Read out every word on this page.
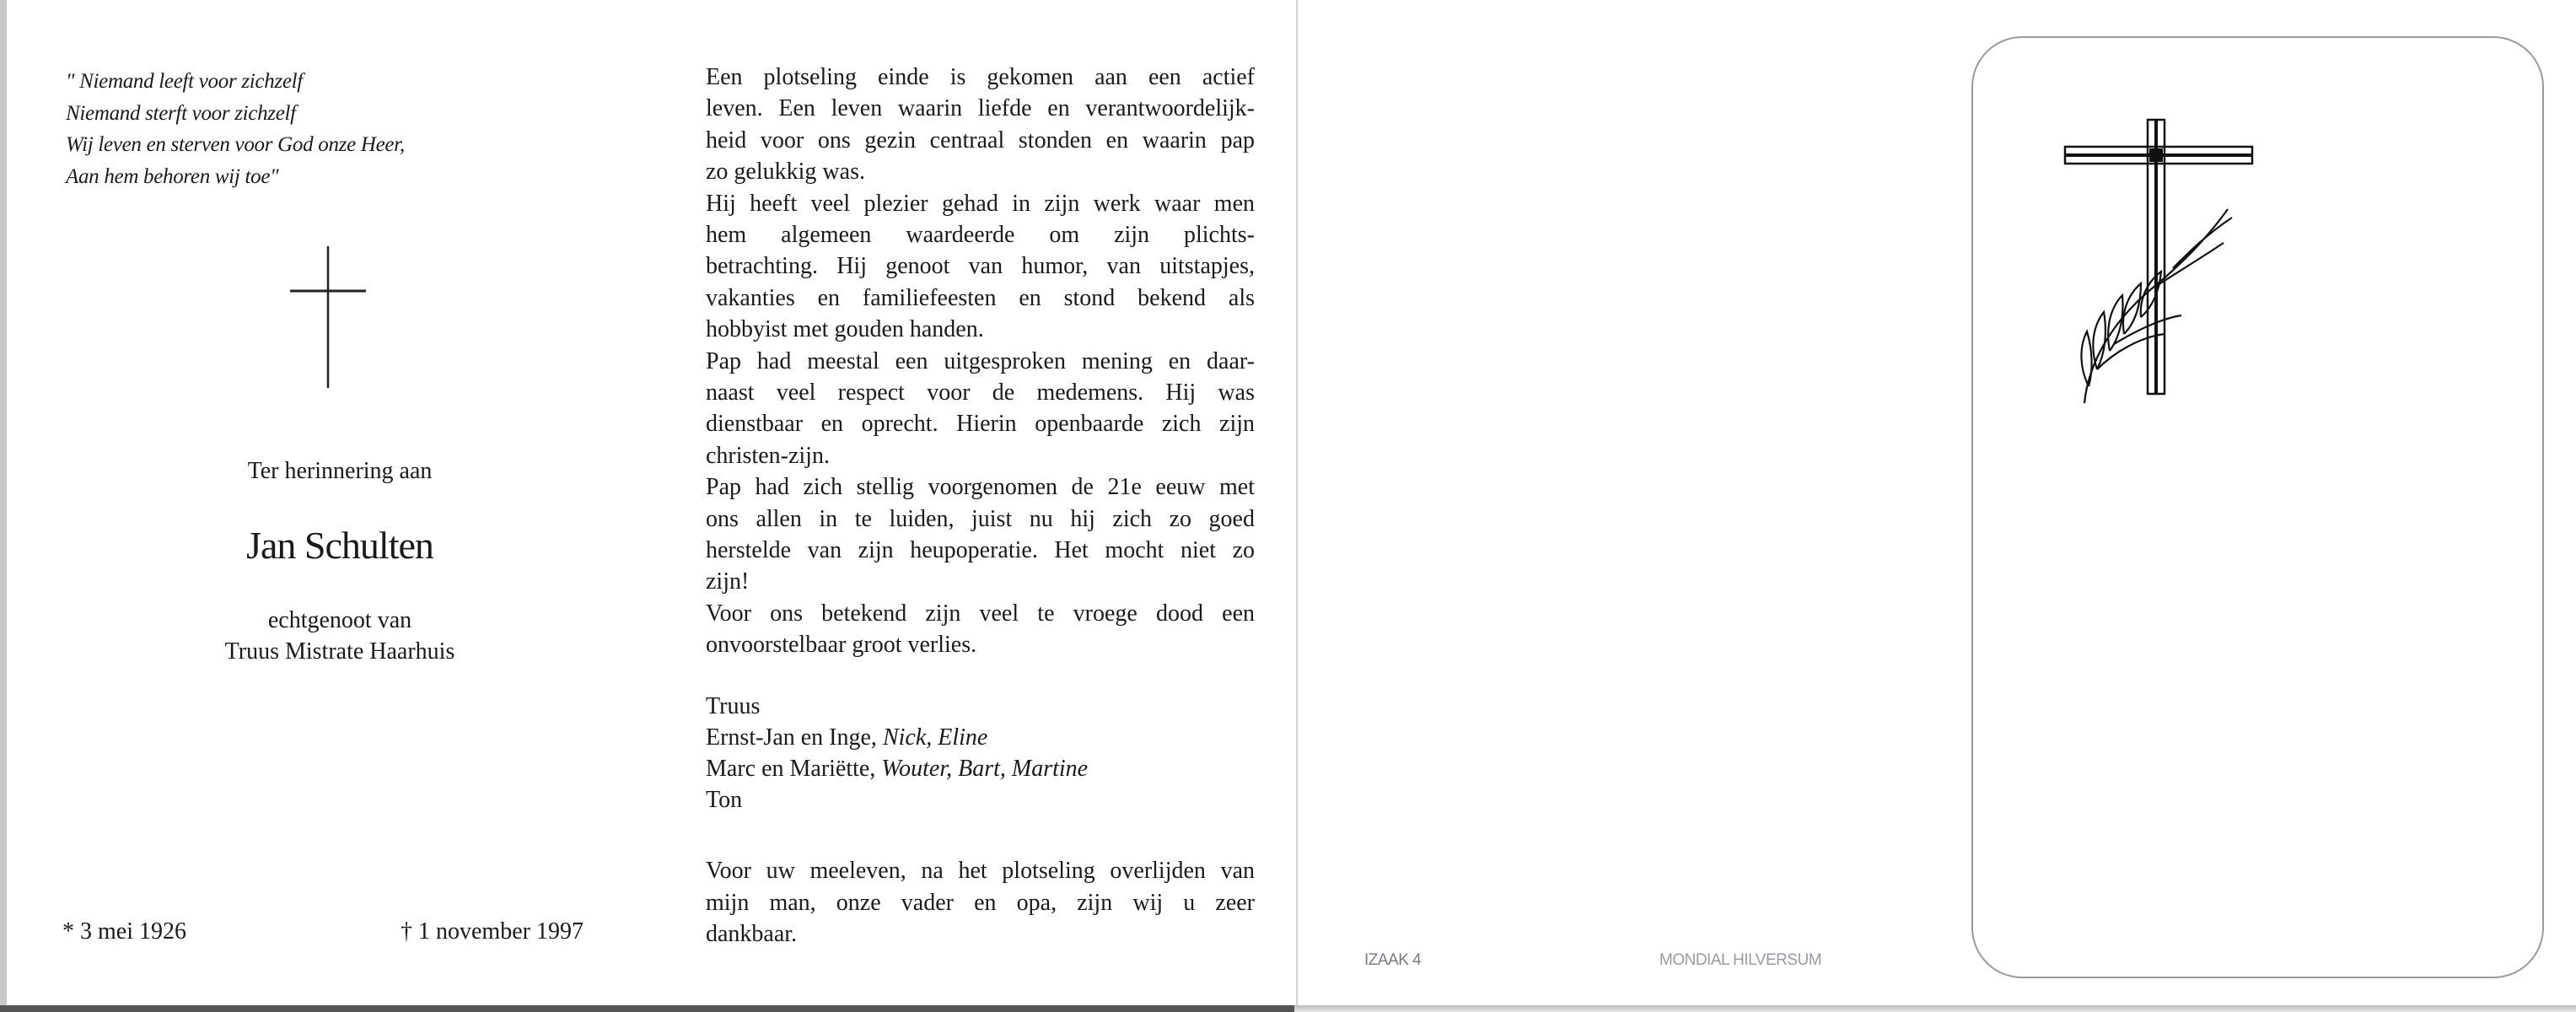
" Niemand leeft voor zichzelf
Niemand sterft voor zichzelf
Wij leven en sterven voor God onze Heer,
Aan hem behoren wij toe"
Ter herinnering aan
Jan Schulten
echtgenoot van
Truus Mistrate Haarhuis
* 3 mei 1926	† 1 november 1997
Een plotseling einde is gekomen aan een actief
leven. Een leven waarin liefde en verantwoordelijk-
heid voor ons gezin centraal stonden en waarin pap
zo gelukkig was.
Hij heeft veel plezier gehad in zijn werk waar men
hem algemeen waardeerde om zijn plichts-
betrachting. Hij genoot van humor, van uitstapjes,
vakanties en familiefeesten en stond bekend als
hobbyist met gouden handen.
Pap had meestal een uitgesproken mening en daar-
naast veel respect voor de medemens. Hij was
dienstbaar en oprecht. Hierin openbaarde zich zijn
christen-zijn.
Pap had zich stellig voorgenomen de 21e eeuw met
ons allen in te luiden, juist nu hij zich zo goed
herstelde van zijn heupoperatie. Het mocht niet zo
zijn!
Voor ons betekend zijn veel te vroege dood een
onvoorstelbaar groot verlies.
Truus
Ernst-Jan en Inge, Nick, Eline
Marc en Mariëtte, Wouter, Bart, Martine
Ton
Voor uw meeleven, na het plotseling overlijden van
mijn man, onze vader en opa, zijn wij u zeer
dankbaar.
IZAAK 4	MONDIAL HILVERSUM
